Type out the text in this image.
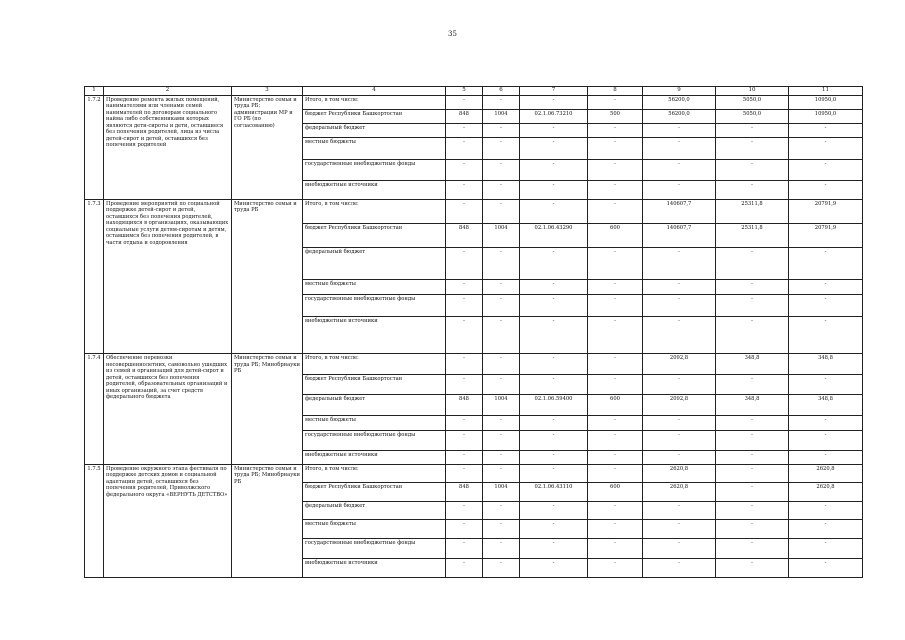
35
1	2	3	4	5	6	7	8	9	10	11
1.7.2	Проведение ремонта жилых помещений, нанимателями или членами семей нанимателей по договорам социального найма либо собственниками которых являются дети-сироты и дети, оставшиеся без попечения родителей, лица из числа детей-сирот и детей, оставшихся без попечения родителей	Министерство семьи и труда РБ; администрации МР и ГО РБ (по согласованию)	Итого, в том числе:	-	-	-	-	56200,0	5050,0	10950,0
			бюджет Республики Башкортостан	848	1004	02.1.06.73210	500	56200,0	5050,0	10950,0
			федеральный бюджет	-	-	-	-	-	-	-
			местные бюджеты	-	-	-	-	-	-	-
			государственные внебюджетные фонды	-	-	-	-	-	-	-
			внебюджетные источники	-	-	-	-	-	-	-
1.7.3	Проведение мероприятий по социальной поддержке детей-сирот и детей, оставшихся без попечения родителей, находящихся в организациях, оказывающих социальные услуги детям-сиротам и детям, оставшимся без попечения родителей, в части отдыха и оздоровления	Министерство семьи и труда РБ	Итого, в том числе:	-	-	-	-	140607,7	25311,8	20791,9
			бюджет Республики Башкортостан	848	1004	02.1.06.43290	600	140607,7	25311,8	20791,9
			федеральный бюджет	-	-	-	-	-	-	-
			местные бюджеты	-	-	-	-	-	-	-
			государственные внебюджетные фонды	-	-	-	-	-	-	-
			внебюджетные источники	-	-	-	-	-	-	-
1.7.4	Обеспечение перевозки несовершеннолетних, самовольно ушедших из семей и организаций для детей-сирот и детей, оставшихся без попечения родителей, образовательных организаций и иных организаций, за счет средств федерального бюджета	Министерство семьи и труда РБ; Минобрнауки РБ	Итого, в том числе:	-	-	-	-	2092,8	348,8	348,8
			бюджет Республики Башкортостан	-	-	-	-	-	-	-
			федеральный бюджет	848	1004	02.1.06.59400	600	2092,8	348,8	348,8
			местные бюджеты	-	-	-	-	-	-	-
			государственные внебюджетные фонды	-	-	-	-	-	-	-
			внебюджетные источники	-	-	-	-	-	-	-
1.7.5	Проведение окружного этапа фестиваля по поддержке детских домов и социальной адаптации детей, оставшихся без попечения родителей, Приволжского федерального округа «ВЕРНУТЬ ДЕТСТВО»	Министерство семьи и труда РБ; Минобрнауки РБ	Итого, в том числе:	-	-	-	-	2620,8	-	2620,8
			бюджет Республики Башкортостан	848	1004	02.1.06.43110	600	2620,8	-	2620,8
			федеральный бюджет	-	-	-	-	-	-	-
			местные бюджеты	-	-	-	-	-	-	-
			государственные внебюджетные фонды	-	-	-	-	-	-	-
			внебюджетные источники	-	-	-	-	-	-	-
